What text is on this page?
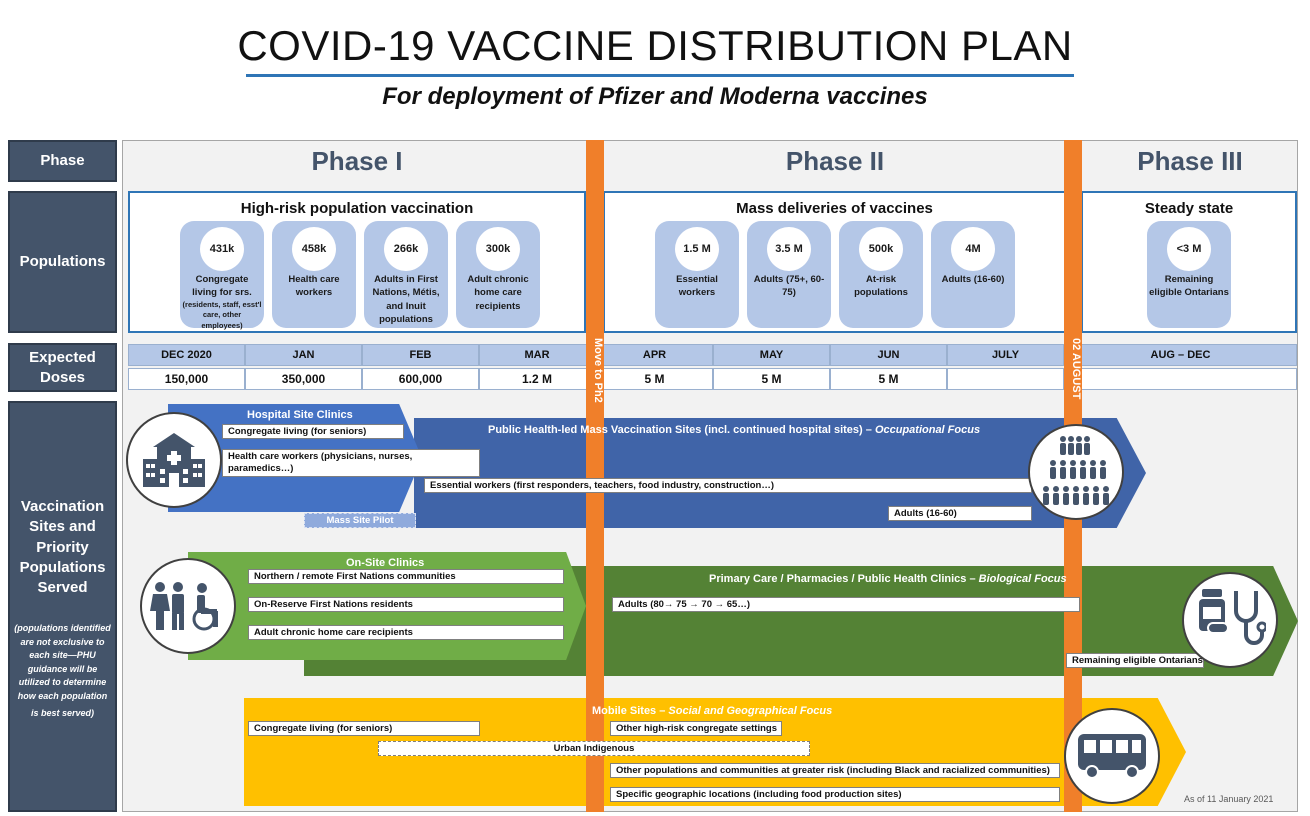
COVID-19 VACCINE DISTRIBUTION PLAN
For deployment of Pfizer and Moderna vaccines
Phase
Populations
Expected
Doses
Vaccination
Sites and
Priority
Populations
Served
(populations identified
are not exclusive to
each site—PHU
guidance will be
utilized to determine
how each population
is best served)
Phase I	Phase II	Phase III
High-risk population vaccination
431k
Congregate living for srs.
(residents, staff, esst'l care, other employees)
458k
Health care workers
266k
Adults in First Nations, Métis, and Inuit populations
300k
Adult chronic home care recipients
Mass deliveries of vaccines
1.5 M
Essential workers
3.5 M
Adults (75+, 60-75)
500k
At-risk populations
4M
Adults (16-60)
Steady state
<3 M
Remaining eligible Ontarians
DEC 2020	JAN	FEB	MAR	APR	MAY	JUN	JULY	AUG – DEC
150,000	350,000	600,000	1.2 M	5 M	5 M	5 M
Move to Ph2	02 AUGUST
Hospital Site Clinics
Congregate living (for seniors)
Health care workers (physicians, nurses, paramedics…)
Mass Site Pilot
Public Health-led Mass Vaccination Sites (incl. continued hospital sites) – Occupational Focus
Essential workers (first responders, teachers, food industry, construction…)
Adults (16-60)
On-Site Clinics
Northern / remote First Nations communities
On-Reserve First Nations residents
Adult chronic home care recipients
Primary Care / Pharmacies / Public Health Clinics – Biological Focus
Adults (80→ 75 → 70 → 65…)
Remaining eligible Ontarians
Mobile Sites – Social and Geographical Focus
Congregate living (for seniors)	Other high-risk congregate settings
Urban Indigenous
Other populations and communities at greater risk (including Black and racialized communities)
Specific geographic locations (including food production sites)	As of 11 January 2021
